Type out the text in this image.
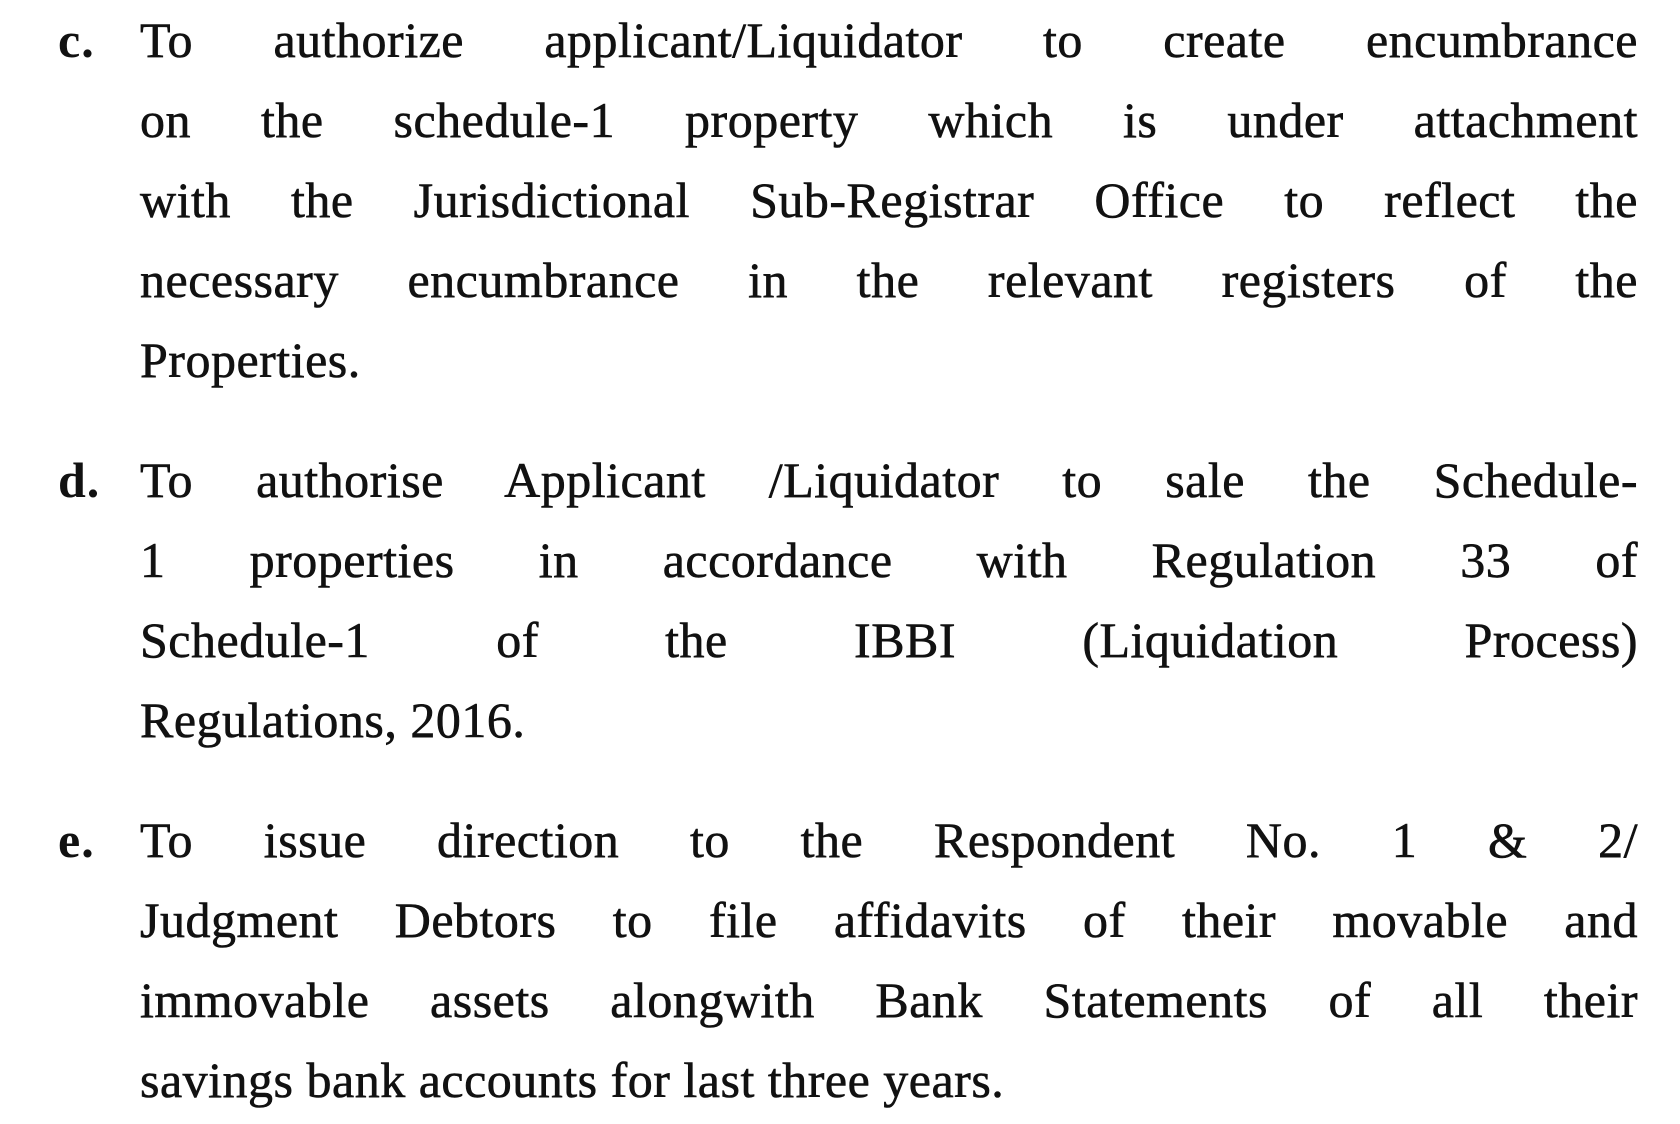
c. To authorize applicant/Liquidator to create encumbrance
on the schedule-1 property which is under attachment
with the Jurisdictional Sub-Registrar Office to reflect the
necessary encumbrance in the relevant registers of the
Properties.
d. To authorise Applicant /Liquidator to sale the Schedule-
1 properties in accordance with Regulation 33 of
Schedule-1 of the IBBI (Liquidation Process)
Regulations, 2016.
e. To issue direction to the Respondent No. 1 & 2/
Judgment Debtors to file affidavits of their movable and
immovable assets alongwith Bank Statements of all their
savings bank accounts for last three years.
